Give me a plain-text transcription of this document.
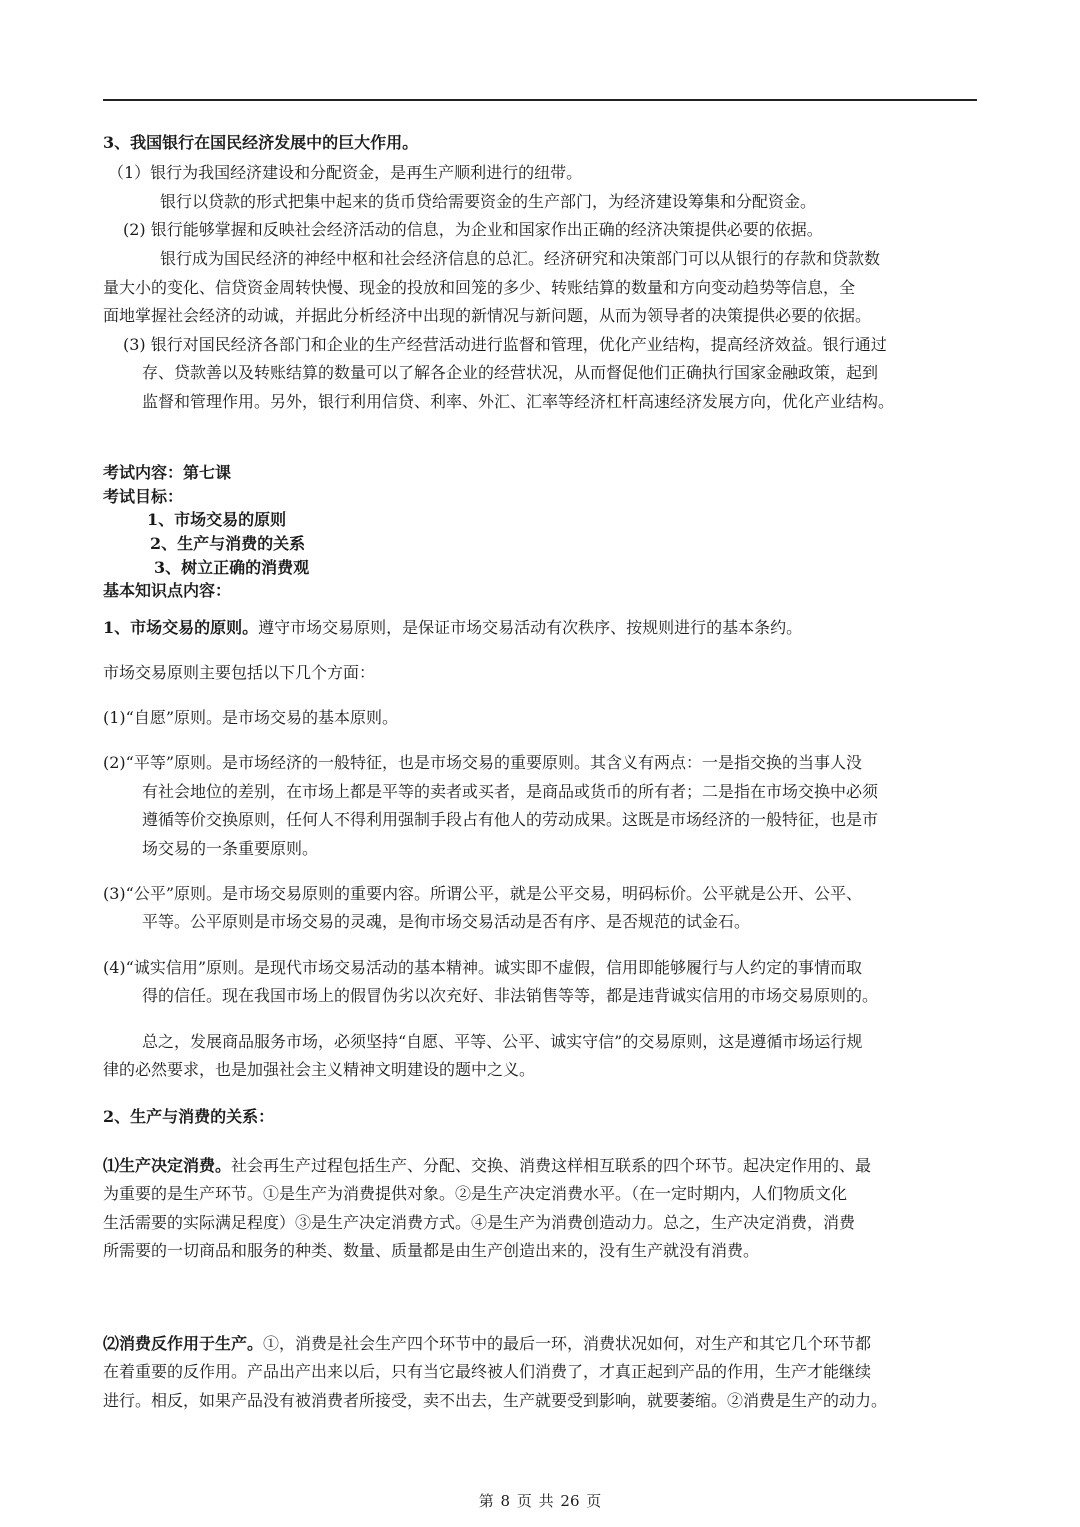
3、我国银行在国民经济发展中的巨大作用。
（1）银行为我国经济建设和分配资金，是再生产顺利进行的纽带。
银行以贷款的形式把集中起来的货币贷给需要资金的生产部门，为经济建设筹集和分配资金。
(2) 银行能够掌握和反映社会经济活动的信息，为企业和国家作出正确的经济决策提供必要的依据。
银行成为国民经济的神经中枢和社会经济信息的总汇。经济研究和决策部门可以从银行的存款和贷款数
量大小的变化、信贷资金周转快慢、现金的投放和回笼的多少、转账结算的数量和方向变动趋势等信息，全
面地掌握社会经济的动诚，并据此分析经济中出现的新情况与新问题，从而为领导者的决策提供必要的依据。
(3) 银行对国民经济各部门和企业的生产经营活动进行监督和管理，优化产业结构，提高经济效益。银行通过
存、贷款善以及转账结算的数量可以了解各企业的经营状况，从而督促他们正确执行国家金融政策，起到
监督和管理作用。另外，银行利用信贷、利率、外汇、汇率等经济杠杆高速经济发展方向，优化产业结构。
考试内容：第七课
考试目标：
1、市场交易的原则
2、生产与消费的关系
3、树立正确的消费观
基本知识点内容：
1、市场交易的原则。遵守市场交易原则，是保证市场交易活动有次秩序、按规则进行的基本条约。
市场交易原则主要包括以下几个方面：
(1)“自愿”原则。是市场交易的基本原则。
(2)“平等”原则。是市场经济的一般特征，也是市场交易的重要原则。其含义有两点：一是指交换的当事人没
有社会地位的差别，在市场上都是平等的卖者或买者，是商品或货币的所有者；二是指在市场交换中必须
遵循等价交换原则，任何人不得利用强制手段占有他人的劳动成果。这既是市场经济的一般特征，也是市
场交易的一条重要原则。
(3)“公平”原则。是市场交易原则的重要内容。所谓公平，就是公平交易，明码标价。公平就是公开、公平、
平等。公平原则是市场交易的灵魂，是徇市场交易活动是否有序、是否规范的试金石。
(4)“诚实信用”原则。是现代市场交易活动的基本精神。诚实即不虚假，信用即能够履行与人约定的事情而取
得的信任。现在我国市场上的假冒伪劣以次充好、非法销售等等，都是违背诚实信用的市场交易原则的。
总之，发展商品服务市场，必须坚持“自愿、平等、公平、诚实守信”的交易原则，这是遵循市场运行规
律的必然要求，也是加强社会主义精神文明建设的题中之义。
2、生产与消费的关系：
⑴生产决定消费。社会再生产过程包括生产、分配、交换、消费这样相互联系的四个环节。起决定作用的、最
为重要的是生产环节。①是生产为消费提供对象。②是生产决定消费水平。（在一定时期内，人们物质文化
生活需要的实际满足程度）③是生产决定消费方式。④是生产为消费创造动力。总之，生产决定消费，消费
所需要的一切商品和服务的种类、数量、质量都是由生产创造出来的，没有生产就没有消费。
⑵消费反作用于生产。①，消费是社会生产四个环节中的最后一环，消费状况如何，对生产和其它几个环节都
在着重要的反作用。产品出产出来以后，只有当它最终被人们消费了，才真正起到产品的作用，生产才能继续
进行。相反，如果产品没有被消费者所接受，卖不出去，生产就要受到影响，就要萎缩。②消费是生产的动力。
第 8 页 共 26 页
